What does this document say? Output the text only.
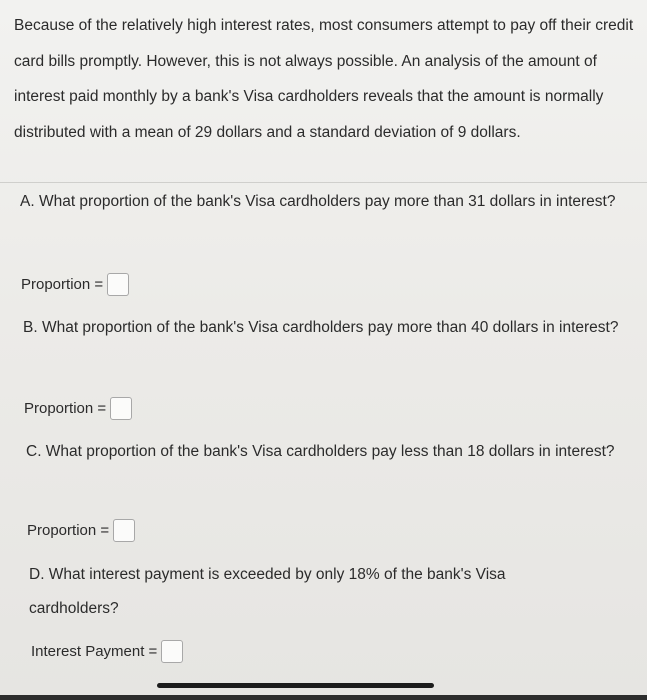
Because of the relatively high interest rates, most consumers attempt to pay off their credit card bills promptly. However, this is not always possible. An analysis of the amount of interest paid monthly by a bank's Visa cardholders reveals that the amount is normally distributed with a mean of 29 dollars and a standard deviation of 9 dollars.

A. What proportion of the bank's Visa cardholders pay more than 31 dollars in interest?

Proportion =

B. What proportion of the bank's Visa cardholders pay more than 40 dollars in interest?

Proportion =

C. What proportion of the bank's Visa cardholders pay less than 18 dollars in interest?

Proportion =

D. What interest payment is exceeded by only 18% of the bank's Visa cardholders?

Interest Payment =
